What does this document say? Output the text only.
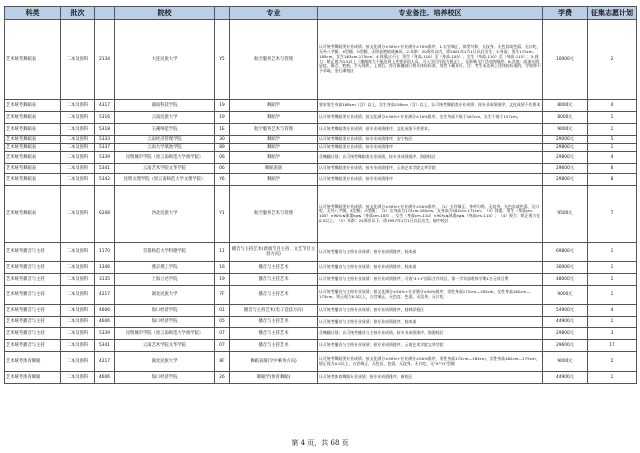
科类	批次		院校		专业	专业备注、培养校区	学费	征集志愿计划
艺术统考舞蹈表	二本及预科	2134	大连民族大学	Y5	航空服务艺术与管理	认可统考舞蹈类专业成绩；按文化满分×30%+专业满分×70%排序，1.五官端正，体型匀称，无纹身、无色盲或色弱、无口吃、无外八字腿、X型腿、O型腿，无明显疤痕或麻风，2.年龄：20周岁以内，即2001年1月1日以后出生；3.身高：男生175cm-185cm，女生163cm-175cm；4.体重[公斤]：男生（身高-110）至（身高-105），女生（身高-110）至（身高-115）；5.视力：矫正视力0.5以上（裸眼视力不能达到上述要求的人员，可入学后作视力矫正），无影响飞行活动的眼疾；6.其他：面部无明显痣、斑点、疤痕，手无残疾，上岗后，符合新疆部门相关体检标准，男性不戴耳钉。注：考生未达到上述体检标准的，学校将不予录取。金石滩校区	10000元	2
艺术统考舞蹈表	二本及预科	4317	湖南科技学院	19	舞蹈学	要求男生身高168cm（含）以上，女生身高158cm（含）以上，认可统考舞蹈类专业成绩；按专业成绩排序，文化成绩不作要求	8000元	4
艺术统考舞蹈表	二本及预科	5316	云南民族大学	19	舞蹈学	认可统考舞蹈类专业成绩；按文化满分×30%+专业满分×70%排序。女生身高不低于167cm，女生不低于157cm。	8000元	1
艺术统考舞蹈表	二本及预科	5318	玉溪师范学院	1E	航空服务艺术与管理	认可统考舞蹈类专业成绩；按专业成绩排序，文化成绩不作要求。	9000元	1
艺术统考舞蹈表	二本及预科	5333	云南经济管理学院	30	舞蹈学	认可统考舞蹈类专业成绩；按专业成绩排序，安宁校区	29000元	5
艺术统考舞蹈表	二本及预科	5337	云南大学滇池学院	89	舞蹈学	认可统考舞蹈类专业成绩；按专业成绩排序	29800元	1
艺术统考舞蹈表	二本及预科	5339	昆明城市学院（原云南师范大学商学院）	06	舞蹈学	含侧翻计划；认可统考舞蹈类专业成绩，按专业成绩排序，海源校区	29800元	4
艺术统考舞蹈表	二本及预科	5341	云南艺术学院文华学院	06	舞蹈表演	认可统考舞蹈类专业成绩；按专业成绩排序，云南艺术学院文华学院	29600元	6
艺术统考舞蹈表	二本及预科	5342	昆明文理学院（原云南师范大学文理学院）	Y6	舞蹈学	认可统考舞蹈类专业成绩；按专业成绩排序	29800元	8
艺术统考舞蹈表	二本及预科	6208	西北民族大学	Y1	航空服务艺术与管理	认可统考舞蹈类专业成绩；按文化满分×50%+专业满分×50%排序。（1）五官端正，身材匀称，无纹身，无色盲或色弱，无口吃，无外八字腿、X型腿、O型腿；（2）女身高为172cm-185cm，女身高为162cm-172cm；（3）体重：男生（身高cm-105）×90%≤体重kg≤（身高cm-105），女生（身高cm-110）×90%≤体重kg≤（身高cm-110）；（4）视力：矫正视力在0.5以上。（5）年龄：24周岁以下，即1997年1月1日以后出生。榆中校区	9500元	7
艺术统考播音与主持	二本及预科	1170	首都师范大学科德学院	11	播音与主持艺术(新闻节目主持、文艺节目主持方向)	认可统考播音与主持专业成绩；按专业成绩排序，校本部	69800元	1
艺术统考播音与主持	二本及预科	1346	燕京理工学院	16	播音与主持艺术	认可统考播音与主持专业成绩；按专业成绩排序，校本部	30000元	1
艺术统考播音与主持	二本及预科	3135	上海立达学院	19	播音与主持艺术	认可统考播音与主持专业成绩；按专业成绩排序，可选"4+1"国际合作项目，第一学年加收每学期1万元项目费	48000元	1
艺术统考播音与主持	二本及预科	4217	湖北民族大学	7F	播音与主持艺术	认可统考播音与主持专业成绩；按文化满分×50%+专业满分×50%排序，男性身高172cm—185cm，女性身高162cm—175cm，矫正视力0.5以上，五官端正，无色盲、色弱，无纹身，无口吃	9000元	1
艺术统考播音与主持	二本及预科	4606	海口经济学院	01	播音与主持艺术(电子竞技方向)	认可统考播音与主持专业成绩；按专业成绩排序，桂林洋校区	54900元	4
艺术统考播音与主持	二本及预科	4606	海口经济学院	05	播音与主持艺术	认可统考播音与主持专业成绩；按专业成绩排序，校本部	44900元	1
艺术统考播音与主持	二本及预科	5339	昆明城市学院（原云南师范大学商学院）	07	播音与主持艺术	含侧翻计划；认可统考播音与主持专业成绩，按专业成绩排序，海源校区	29800元	3
艺术统考播音与主持	二本及预科	5341	云南艺术学院文华学院	07	播音与主持艺术	认可统考播音与主持专业成绩；按专业成绩排序，云南艺术学院文华学院	29600元	17
艺术统考体育舞蹈	二本及预科	4217	湖北民族大学	8F	舞蹈表演(空中乘务方向)	认可统考舞蹈类专业成绩；按文化满分×50%+专业满分×50%排序，男性身高172cm—185cm，女性身高162cm—175cm，矫正视力0.5以上，五官端正，无色盲、色弱，无纹身，无口吃，无"X""O"型腿	9000元	2
艺术统考体育舞蹈	二本及预科	4606	海口经济学院	26	舞蹈学(体育舞蹈)	认可统考体育舞蹈专业成绩；按专业成绩排序，新校区	44900元	1
第 4 页，共 68 页
